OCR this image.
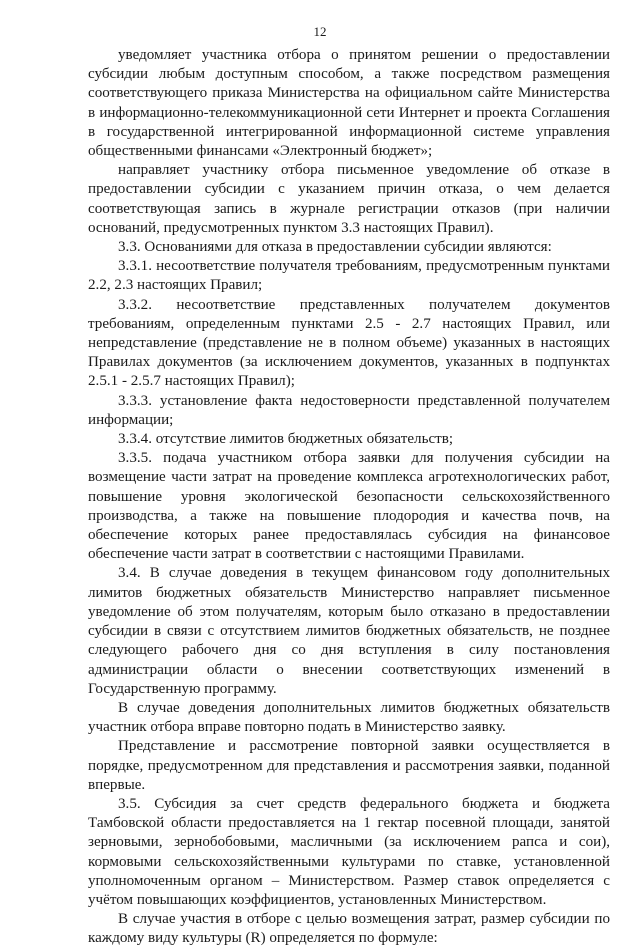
12

уведомляет участника отбора о принятом решении о предоставлении субсидии любым доступным способом, а также посредством размещения соответствующего приказа Министерства на официальном сайте Министерства в информационно-телекоммуникационной сети Интернет и проекта Соглашения в государственной интегрированной информационной системе управления общественными финансами «Электронный бюджет»;

направляет участнику отбора письменное уведомление об отказе в предоставлении субсидии с указанием причин отказа, о чем делается соответствующая запись в журнале регистрации отказов (при наличии оснований, предусмотренных пунктом 3.3 настоящих Правил).

3.3. Основаниями для отказа в предоставлении субсидии являются:

3.3.1. несоответствие получателя требованиям, предусмотренным пунктами 2.2, 2.3 настоящих Правил;

3.3.2. несоответствие представленных получателем документов требованиям, определенным пунктами 2.5 - 2.7 настоящих Правил, или непредставление (представление не в полном объеме) указанных в настоящих Правилах документов (за исключением документов, указанных в подпунктах 2.5.1 - 2.5.7 настоящих Правил);

3.3.3. установление факта недостоверности представленной получателем информации;

3.3.4. отсутствие лимитов бюджетных обязательств;

3.3.5. подача участником отбора заявки для получения субсидии на возмещение части затрат на проведение комплекса агротехнологических работ, повышение уровня экологической безопасности сельскохозяйственного производства, а также на повышение плодородия и качества почв, на обеспечение которых ранее предоставлялась субсидия на финансовое обеспечение части затрат в соответствии с настоящими Правилами.

3.4. В случае доведения в текущем финансовом году дополнительных лимитов бюджетных обязательств Министерство направляет письменное уведомление об этом получателям, которым было отказано в предоставлении субсидии в связи с отсутствием лимитов бюджетных обязательств, не позднее следующего рабочего дня со дня вступления в силу постановления администрации области о внесении соответствующих изменений в Государственную программу.

В случае доведения дополнительных лимитов бюджетных обязательств участник отбора вправе повторно подать в Министерство заявку.

Представление и рассмотрение повторной заявки осуществляется в порядке, предусмотренном для представления и рассмотрения заявки, поданной впервые.

3.5. Субсидия за счет средств федерального бюджета и бюджета Тамбовской области предоставляется на 1 гектар посевной площади, занятой зерновыми, зернобобовыми, масличными (за исключением рапса и сои), кормовыми сельскохозяйственными культурами по ставке, установленной уполномоченным органом – Министерством. Размер ставок определяется с учётом повышающих коэффициентов, установленных Министерством.

В случае участия в отборе с целью возмещения затрат, размер субсидии по каждому виду культуры (R) определяется по формуле:
